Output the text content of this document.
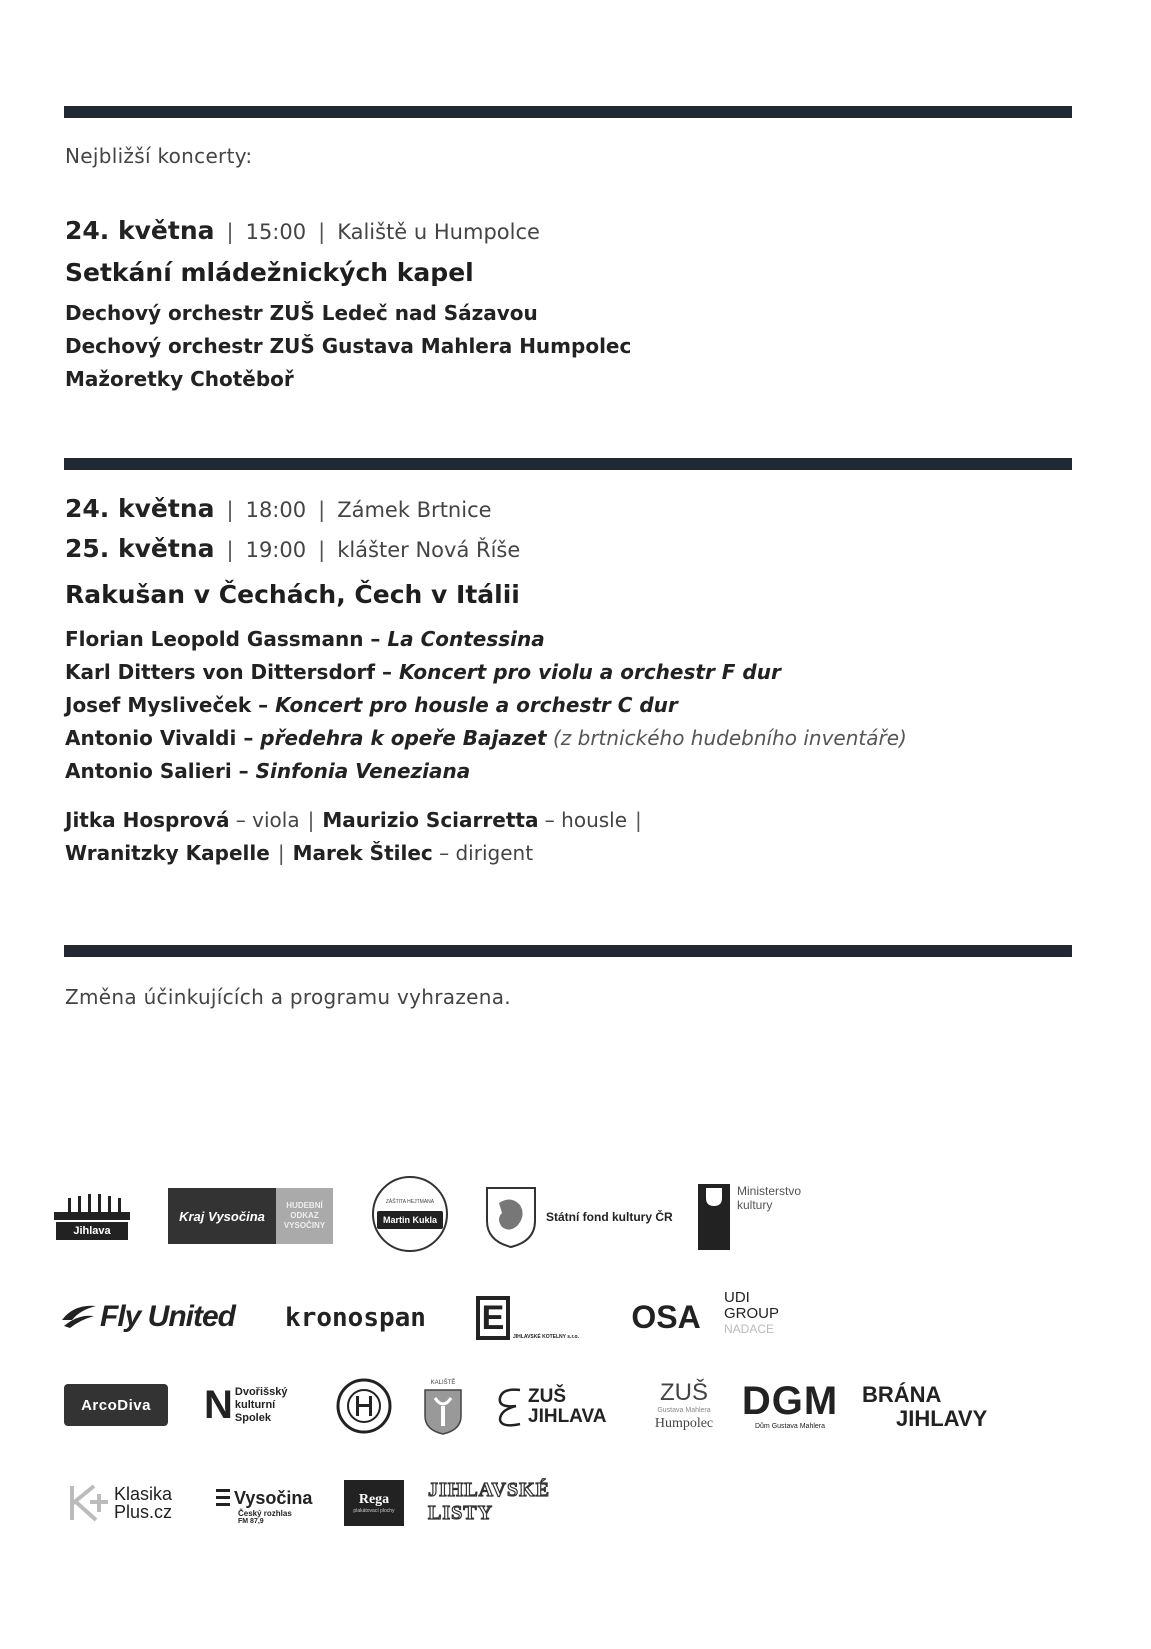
Nejbližší koncerty:
24. května | 15:00 | Kaliště u Humpolce
Setkání mládežnických kapel
Dechový orchestr ZUŠ Ledeč nad Sázavou
Dechový orchestr ZUŠ Gustava Mahlera Humpolec
Mažoretky Chotěboř
24. května | 18:00 | Zámek Brtnice
25. května | 19:00 | klášter Nová Říše
Rakušan v Čechách, Čech v Itálii
Florian Leopold Gassmann – La Contessina
Karl Ditters von Dittersdorf – Koncert pro violu a orchestr F dur
Josef Mysliveček – Koncert pro housle a orchestr C dur
Antonio Vivaldi – předehra k opeře Bajazet (z brtnického hudebního inventáře)
Antonio Salieri – Sinfonia Veneziana
Jitka Hosprová – viola | Maurizio Sciarretta – housle |
Wranitzky Kapelle | Marek Štilec – dirigent
Změna účinkujících a programu vyhrazena.
Jihlava
Kraj Vysočina
HUDEBNÍ ODKAZ VYSOČINY
ZÁŠTITA HEJTMANA
Martin Kukla	Státní fond kultury ČR
Ministerstvo
kultury
Fly United kronospan E
JIHLAVSKÉ KOTELNY s.r.o.
OSA
UDI
GROUP
NADACE
ArcoDiva N Dvořišský
kulturní
Spolek
KALIŠTĚ
ZUŠ
JIHLAVA
ZUŠ
Gustava Mahlera
Humpolec
DGM
Dům Gustava Mahlera
BRÁNA
JIHLAVY
Klasika
Plus.cz
Vysočina
Český rozhlas
FM 87,9
Rega
plakátovací plochy
JIHLAVSKÉ LISTY
